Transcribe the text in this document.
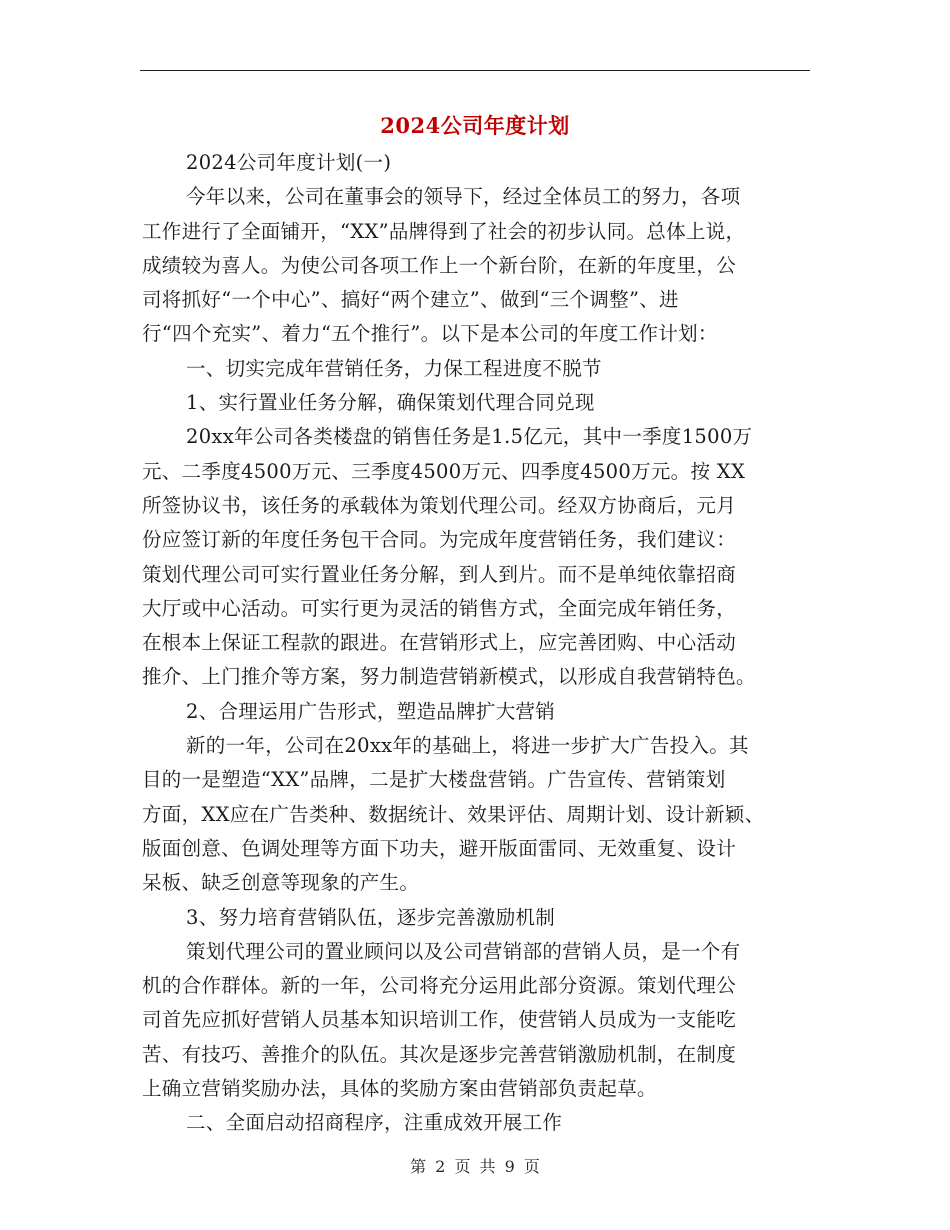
2024公司年度计划
2024公司年度计划(一)
今年以来，公司在董事会的领导下，经过全体员工的努力，各项
工作进行了全面铺开，“XX”品牌得到了社会的初步认同。总体上说，
成绩较为喜人。为使公司各项工作上一个新台阶，在新的年度里，公
司将抓好“一个中心”、搞好“两个建立”、做到“三个调整”、进
行“四个充实”、着力“五个推行”。以下是本公司的年度工作计划：
一、切实完成年营销任务，力保工程进度不脱节
1、实行置业任务分解，确保策划代理合同兑现
20xx年公司各类楼盘的销售任务是1.5亿元，其中一季度1500万
元、二季度4500万元、三季度4500万元、四季度4500万元。按 XX
所签协议书，该任务的承载体为策划代理公司。经双方协商后，元月
份应签订新的年度任务包干合同。为完成年度营销任务，我们建议：
策划代理公司可实行置业任务分解，到人到片。而不是单纯依靠招商
大厅或中心活动。可实行更为灵活的销售方式，全面完成年销任务，
在根本上保证工程款的跟进。在营销形式上，应完善团购、中心活动
推介、上门推介等方案，努力制造营销新模式，以形成自我营销特色。
2、合理运用广告形式，塑造品牌扩大营销
新的一年，公司在20xx年的基础上，将进一步扩大广告投入。其
目的一是塑造“XX”品牌，二是扩大楼盘营销。广告宣传、营销策划
方面，XX应在广告类种、数据统计、效果评估、周期计划、设计新颖、
版面创意、色调处理等方面下功夫，避开版面雷同、无效重复、设计
呆板、缺乏创意等现象的产生。
3、努力培育营销队伍，逐步完善激励机制
策划代理公司的置业顾问以及公司营销部的营销人员，是一个有
机的合作群体。新的一年，公司将充分运用此部分资源。策划代理公
司首先应抓好营销人员基本知识培训工作，使营销人员成为一支能吃
苦、有技巧、善推介的队伍。其次是逐步完善营销激励机制，在制度
上确立营销奖励办法，具体的奖励方案由营销部负责起草。
二、全面启动招商程序，注重成效开展工作
第 2 页 共 9 页
